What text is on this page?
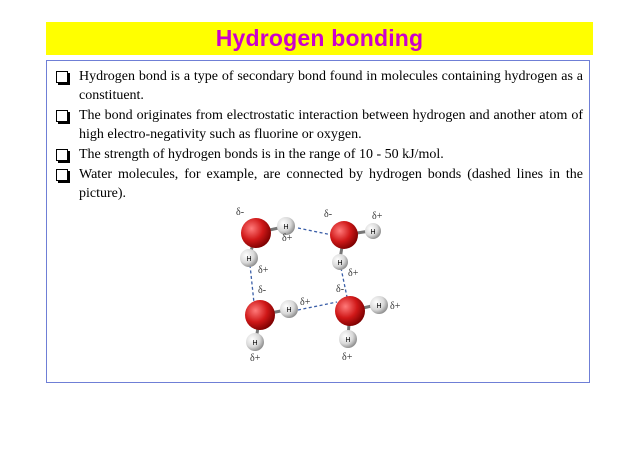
Hydrogen bonding
Hydrogen bond is a type of secondary bond found in molecules containing hydrogen as a constituent.
The bond originates from electrostatic interaction between hydrogen and another atom of high electro-negativity such as fluorine or oxygen.
The strength of hydrogen bonds is in the range of 10 - 50 kJ/mol.
Water molecules, for example, are connected by hydrogen bonds (dashed lines in the picture).
H
H
H
H
H
H
H
H
δ-
δ+
δ+
δ-	δ+
δ+
δ-
δ+
δ+
δ-
δ+
δ+
